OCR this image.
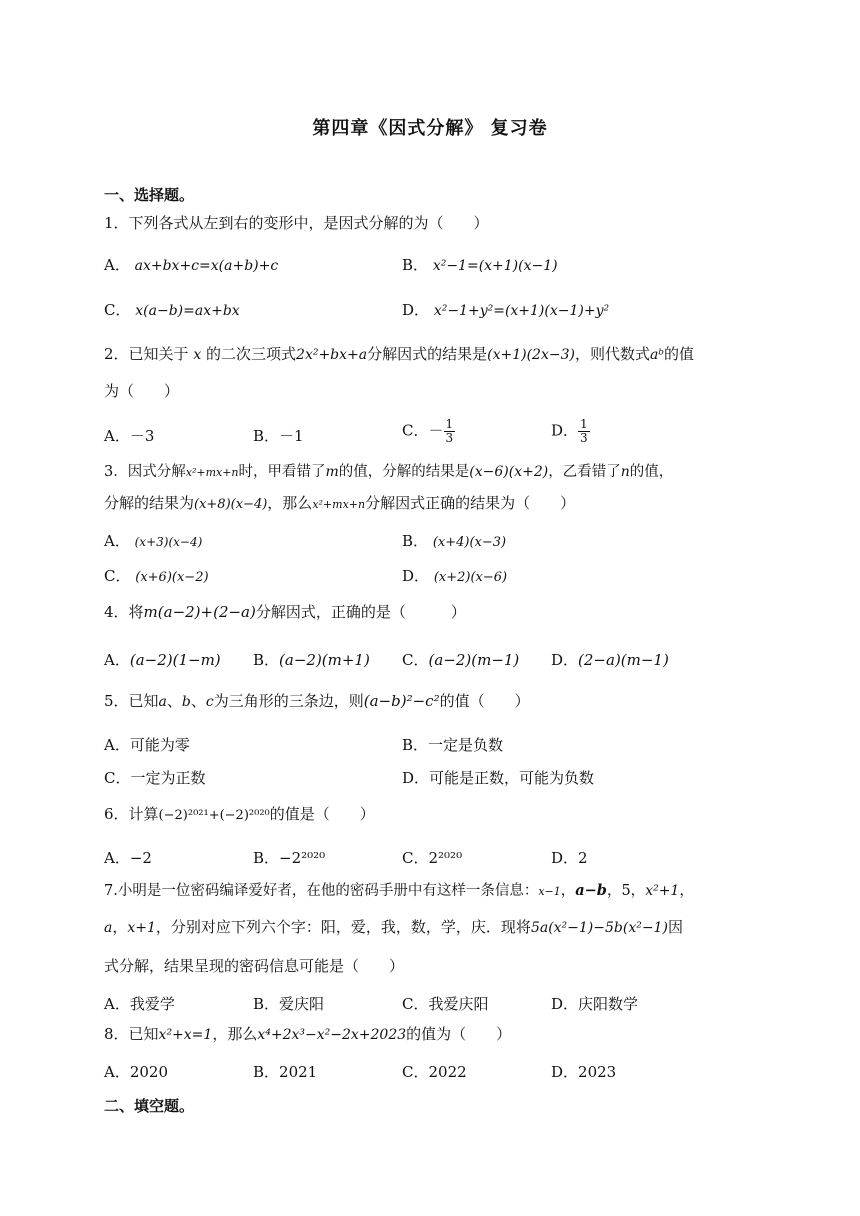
第四章《因式分解》 复习卷
一、选择题。
1．下列各式从左到右的变形中，是因式分解的为（　　）
A． ax+bx+c=x(a+b)+c	B． x²−1=(x+1)(x−1)
C． x(a−b)=ax+bx	D． x²−1+y²=(x+1)(x−1)+y²
2．已知关于 x 的二次三项式2x²+bx+a分解因式的结果是(x+1)(2x−3)，则代数式aᵇ的值
为（　　）
A．－3	B．－1	C．－ $\frac{1}{3}$	D． $\frac{1}{3}$
3．因式分解x²+mx+n时，甲看错了m的值，分解的结果是(x−6)(x+2)，乙看错了n的值，
分解的结果为(x+8)(x−4)，那么x²+mx+n分解因式正确的结果为（　　）
A． (x+3)(x−4)	B． (x+4)(x−3)
C． (x+6)(x−2)	D． (x+2)(x−6)
4．将m(a−2)+(2−a)分解因式，正确的是（　　　）
A．(a−2)(1−m) B．(a−2)(m+1) C．(a−2)(m−1) D．(2−a)(m−1)
5．已知a、b、c为三角形的三条边，则(a−b)²−c²的值（　　）
A．可能为零	B．一定是负数
C．一定为正数	D．可能是正数，可能为负数
6．计算(−2)²⁰²¹+(−2)²⁰²⁰的值是（　　）
A．−2	B．−2²⁰²⁰	C．2²⁰²⁰	D．2
7.小明是一位密码编译爱好者，在他的密码手册中有这样一条信息：x−1，a−b，5，x²+1，
a，x+1，分别对应下列六个字：阳，爱，我，数，学，庆．现将5a(x²−1)−5b(x²−1)因
式分解，结果呈现的密码信息可能是（　　）
A．我爱学	B．爱庆阳	C．我爱庆阳	D．庆阳数学
8．已知x²+x=1，那么x⁴+2x³−x²−2x+2023的值为（　　）
A．2020	B．2021	C．2022	D．2023
二、填空题。
